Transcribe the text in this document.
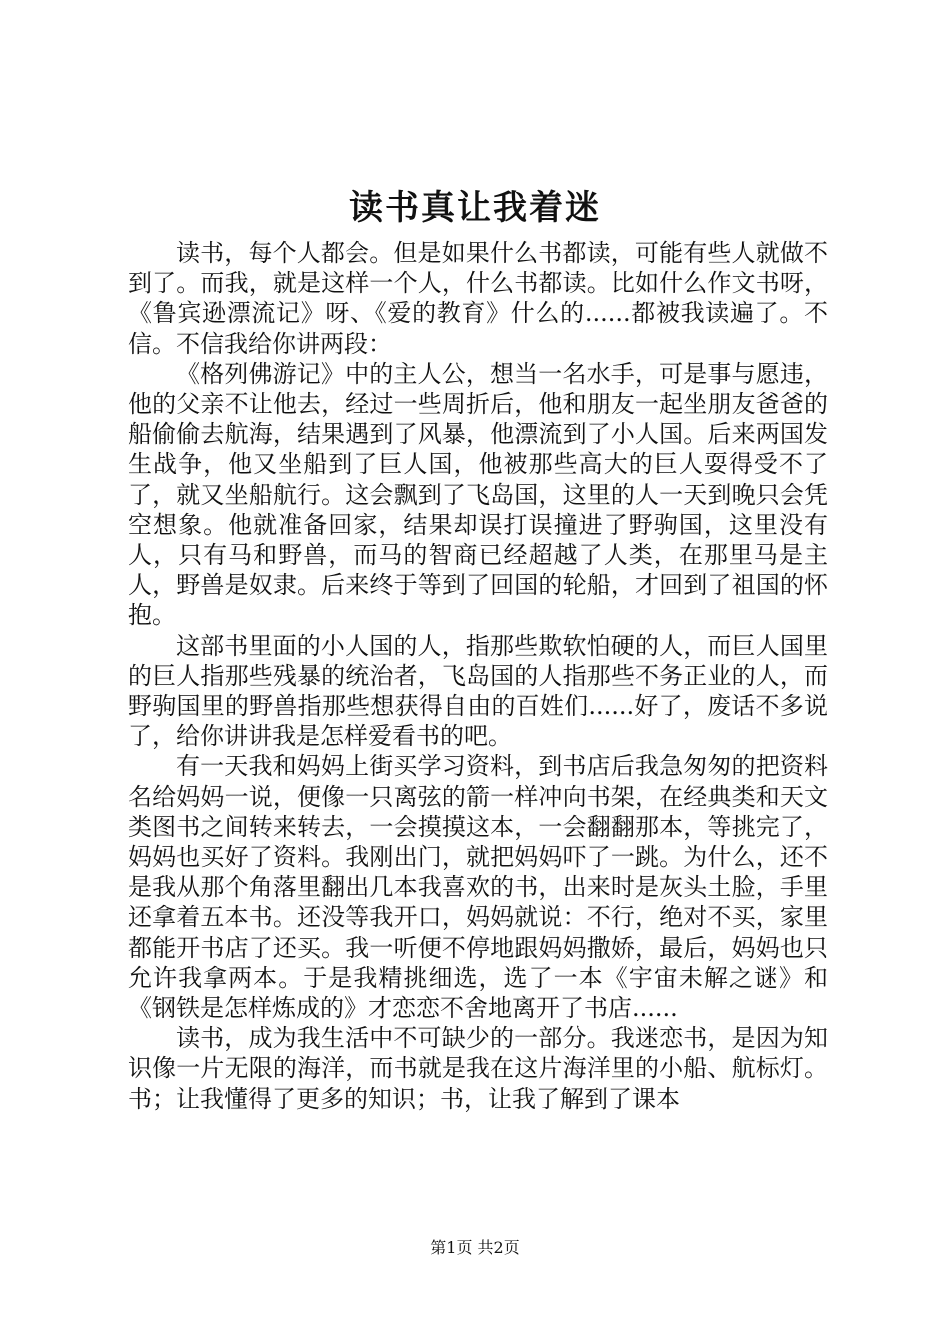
读书真让我着迷

读书，每个人都会。但是如果什么书都读，可能有些人就做不到了。而我，就是这样一个人，什么书都读。比如什么作文书呀，《鲁宾逊漂流记》呀、《爱的教育》什么的......都被我读遍了。不信。不信我给你讲两段：

《格列佛游记》中的主人公，想当一名水手，可是事与愿违，他的父亲不让他去，经过一些周折后，他和朋友一起坐朋友爸爸的船偷偷去航海，结果遇到了风暴，他漂流到了小人国。后来两国发生战争，他又坐船到了巨人国，他被那些高大的巨人耍得受不了了，就又坐船航行。这会飘到了飞岛国，这里的人一天到晚只会凭空想象。他就准备回家，结果却误打误撞进了野驹国，这里没有人，只有马和野兽，而马的智商已经超越了人类，在那里马是主人，野兽是奴隶。后来终于等到了回国的轮船，才回到了祖国的怀抱。

这部书里面的小人国的人，指那些欺软怕硬的人，而巨人国里的巨人指那些残暴的统治者，飞岛国的人指那些不务正业的人，而野驹国里的野兽指那些想获得自由的百姓们......好了，废话不多说了，给你讲讲我是怎样爱看书的吧。

有一天我和妈妈上街买学习资料，到书店后我急匆匆的把资料名给妈妈一说，便像一只离弦的箭一样冲向书架，在经典类和天文类图书之间转来转去，一会摸摸这本，一会翻翻那本，等挑完了，妈妈也买好了资料。我刚出门，就把妈妈吓了一跳。为什么，还不是我从那个角落里翻出几本我喜欢的书，出来时是灰头土脸，手里还拿着五本书。还没等我开口，妈妈就说：不行，绝对不买，家里都能开书店了还买。我一听便不停地跟妈妈撒娇，最后，妈妈也只允许我拿两本。于是我精挑细选，选了一本《宇宙未解之谜》和《钢铁是怎样炼成的》才恋恋不舍地离开了书店......

读书，成为我生活中不可缺少的一部分。我迷恋书，是因为知识像一片无限的海洋，而书就是我在这片海洋里的小船、航标灯。书；让我懂得了更多的知识；书，让我了解到了课本

第1页 共2页
